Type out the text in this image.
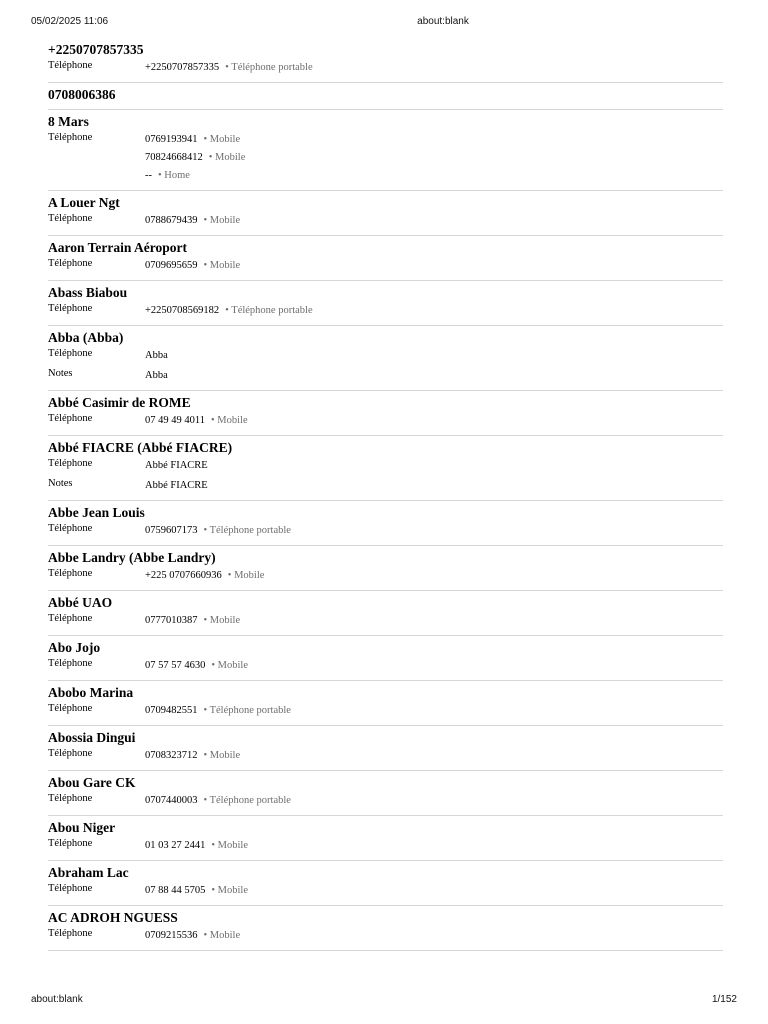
05/02/2025 11:06	about:blank
+2250707857335
Téléphone	+2250707857335 • Téléphone portable
0708006386
8 Mars
Téléphone	0769193941 • Mobile
70824668412 • Mobile
-- • Home
A Louer Ngt
Téléphone	0788679439 • Mobile
Aaron Terrain Aéroport
Téléphone	0709695659 • Mobile
Abass Biabou
Téléphone	+2250708569182 • Téléphone portable
Abba (Abba)
Téléphone	Abba
Notes	Abba
Abbé Casimir de ROME
Téléphone	07 49 49 4011 • Mobile
Abbé FIACRE (Abbé FIACRE)
Téléphone	Abbé FIACRE
Notes	Abbé FIACRE
Abbe Jean Louis
Téléphone	0759607173 • Téléphone portable
Abbe Landry (Abbe Landry)
Téléphone	+225 0707660936 • Mobile
Abbé UAO
Téléphone	0777010387 • Mobile
Abo Jojo
Téléphone	07 57 57 4630 • Mobile
Abobo Marina
Téléphone	0709482551 • Téléphone portable
Abossia Dingui
Téléphone	0708323712 • Mobile
Abou Gare CK
Téléphone	0707440003 • Téléphone portable
Abou Niger
Téléphone	01 03 27 2441 • Mobile
Abraham Lac
Téléphone	07 88 44 5705 • Mobile
AC ADROH NGUESS
Téléphone	0709215536 • Mobile
about:blank	1/152
